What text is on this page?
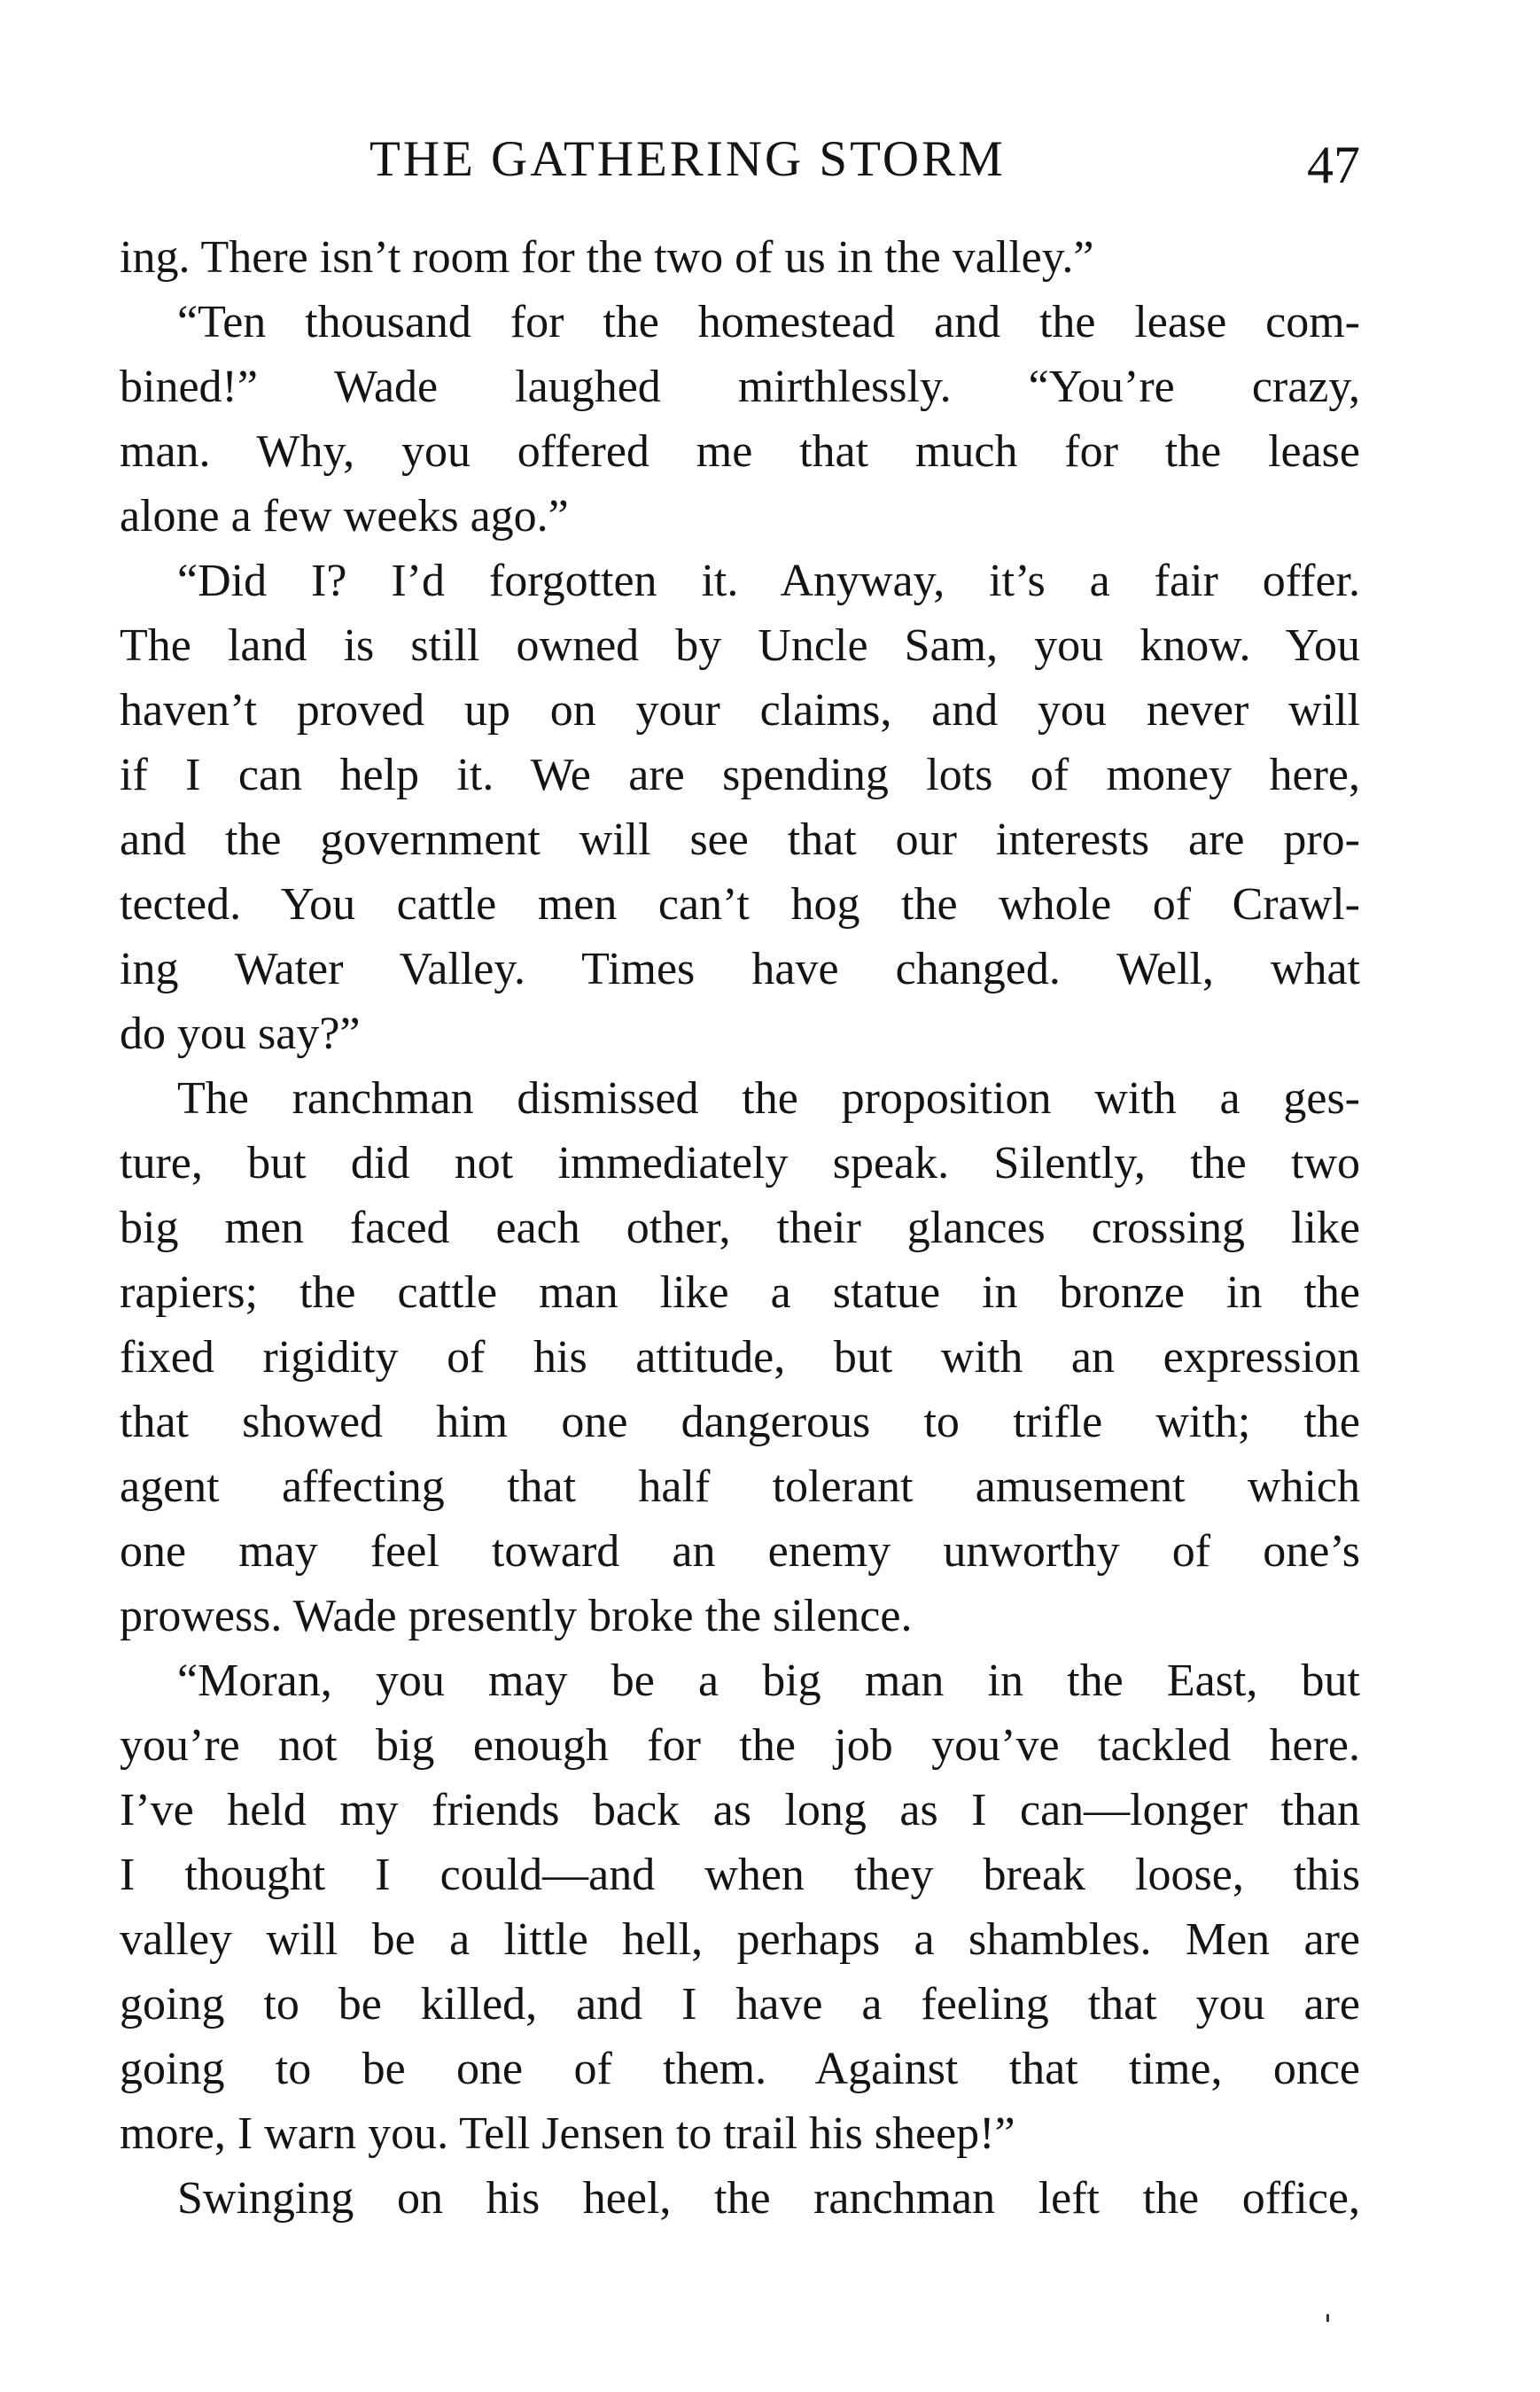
THE GATHERING STORM	47
ing. There isn’t room for the two of us in the valley.”
“Ten thousand for the homestead and the lease com-
bined!” Wade laughed mirthlessly. “You’re crazy,
man. Why, you offered me that much for the lease
alone a few weeks ago.”
“Did I? I’d forgotten it. Anyway, it’s a fair offer.
The land is still owned by Uncle Sam, you know. You
haven’t proved up on your claims, and you never will
if I can help it. We are spending lots of money here,
and the government will see that our interests are pro-
tected. You cattle men can’t hog the whole of Crawl-
ing Water Valley. Times have changed. Well, what
do you say?”
The ranchman dismissed the proposition with a ges-
ture, but did not immediately speak. Silently, the two
big men faced each other, their glances crossing like
rapiers; the cattle man like a statue in bronze in the
fixed rigidity of his attitude, but with an expression
that showed him one dangerous to trifle with; the
agent affecting that half tolerant amusement which
one may feel toward an enemy unworthy of one’s
prowess. Wade presently broke the silence.
“Moran, you may be a big man in the East, but
you’re not big enough for the job you’ve tackled here.
I’ve held my friends back as long as I can—longer than
I thought I could—and when they break loose, this
valley will be a little hell, perhaps a shambles. Men are
going to be killed, and I have a feeling that you are
going to be one of them. Against that time, once
more, I warn you. Tell Jensen to trail his sheep!”
Swinging on his heel, the ranchman left the office,
